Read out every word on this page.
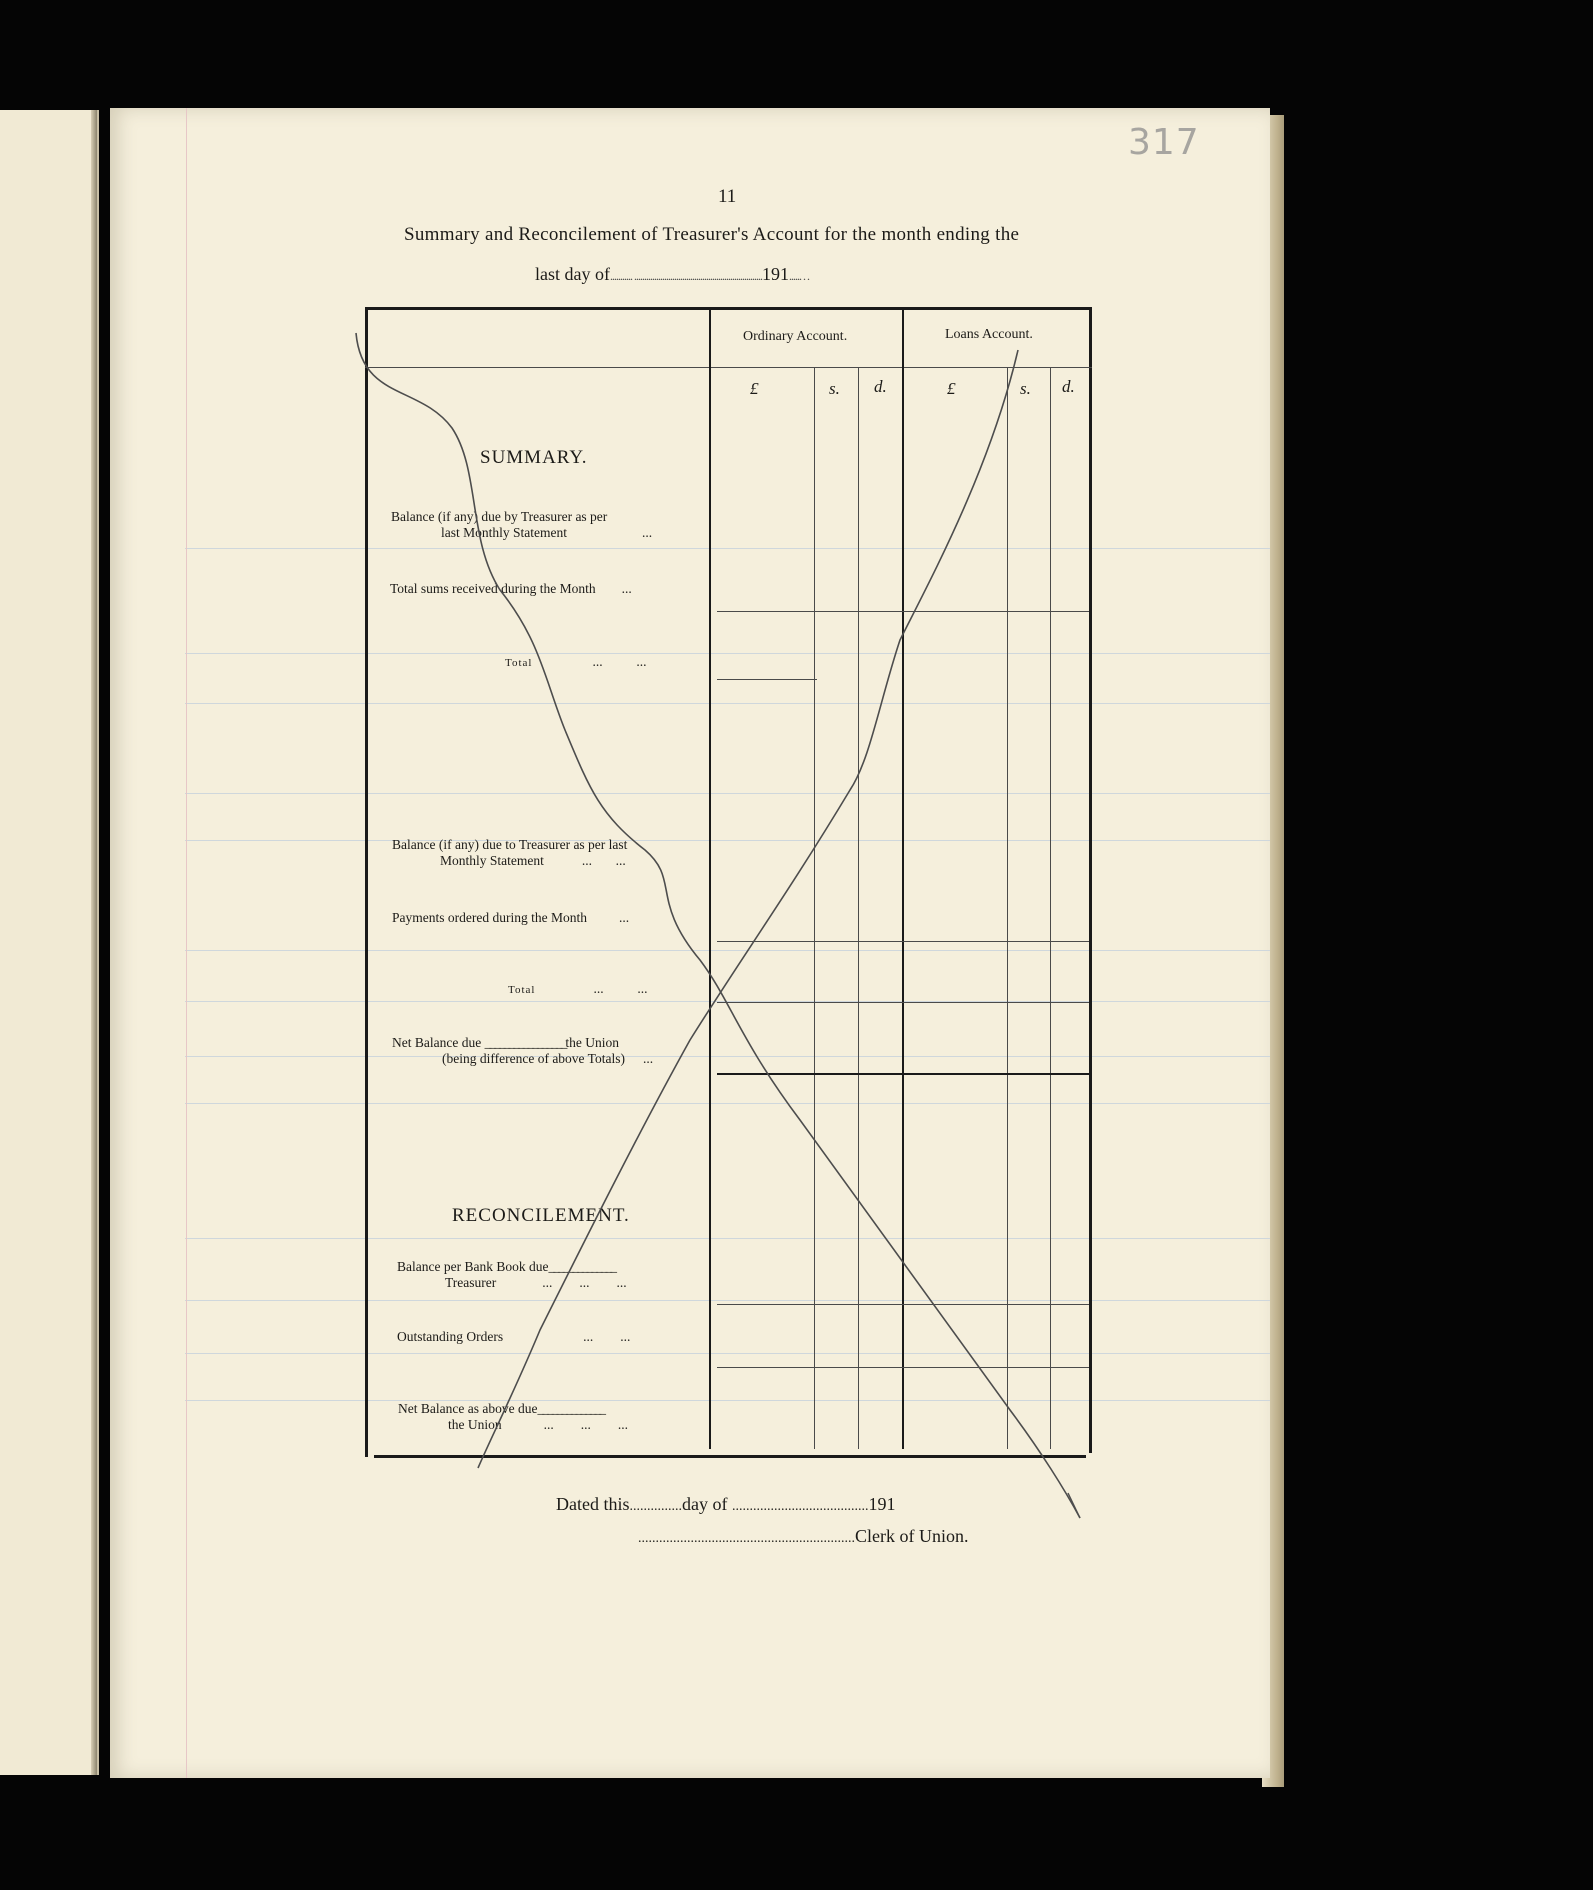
317
11
Summary and Reconcilement of Treasurer's Account for the month ending the
last day of........... ................................................................191...... . .
Ordinary Account.	Loans Account.
£	s. d.	£	s. d.
SUMMARY.
Balance (if any) due by Treasurer as per
last Monthly Statement	...
Total sums received during the Month ...
Total	...          ...
Balance (if any) due to Treasurer as per last
Monthly Statement	...       ...
Payments ordered during the Month ...
Total	...          ...
Net Balance due _________________the Union
(being difference of above Totals) ...
RECONCILEMENT.
Balance per Bank Book due______________
Treasurer	...        ...        ...
Outstanding Orders	...        ...
Net Balance as above due______________
the Union	...        ...        ...
Dated this...............day of .......................................191
..............................................................Clerk of Union.
